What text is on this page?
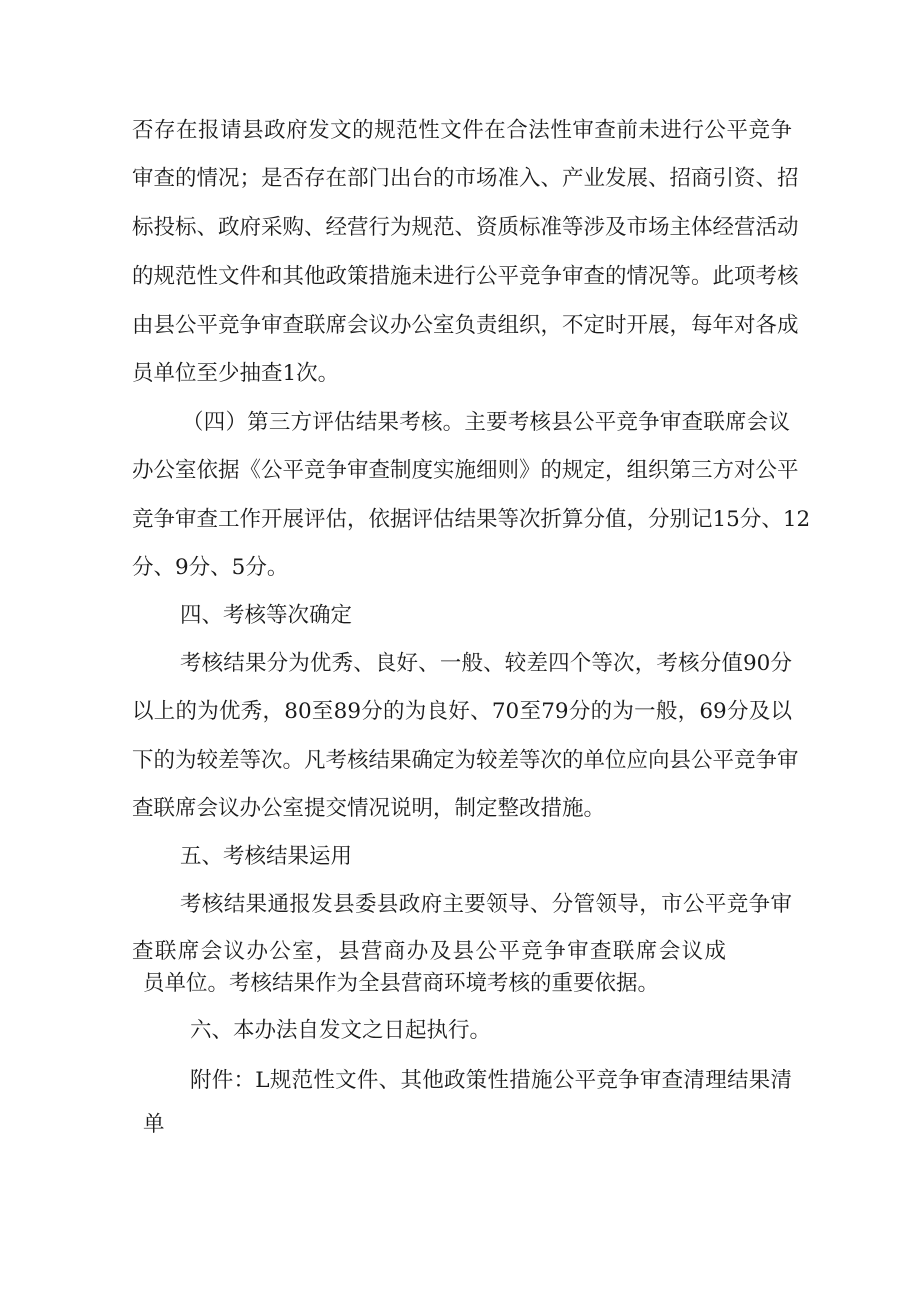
否存在报请县政府发文的规范性文件在合法性审查前未进行公平竞争
审查的情况；是否存在部门出台的市场准入、产业发展、招商引资、招
标投标、政府采购、经营行为规范、资质标准等涉及市场主体经营活动
的规范性文件和其他政策措施未进行公平竞争审查的情况等。此项考核
由县公平竞争审查联席会议办公室负责组织，不定时开展，每年对各成
员单位至少抽查1次。
（四）第三方评估结果考核。主要考核县公平竞争审查联席会议
办公室依据《公平竞争审查制度实施细则》的规定，组织第三方对公平
竞争审查工作开展评估，依据评估结果等次折算分值，分别记15分、12
分、9分、5分。
四、考核等次确定
考核结果分为优秀、良好、一般、较差四个等次，考核分值90分
以上的为优秀，80至89分的为良好、70至79分的为一般，69分及以
下的为较差等次。凡考核结果确定为较差等次的单位应向县公平竞争审
查联席会议办公室提交情况说明，制定整改措施。
五、考核结果运用
考核结果通报发县委县政府主要领导、分管领导，市公平竞争审
查联席会议办公室，县营商办及县公平竞争审查联席会议成
员单位。考核结果作为全县营商环境考核的重要依据。
六、本办法自发文之日起执行。
附件：L规范性文件、其他政策性措施公平竞争审查清理结果清
单
